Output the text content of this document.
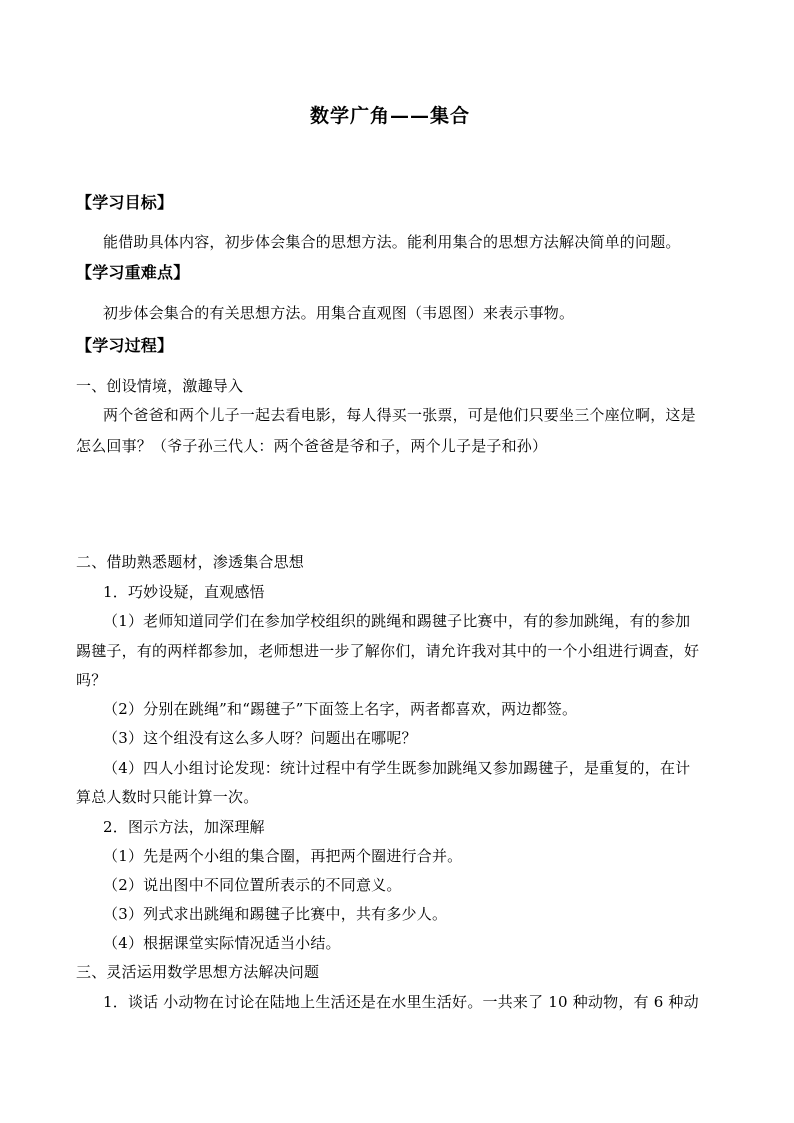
数学广角——集合
【学习目标】
能借助具体内容，初步体会集合的思想方法。能利用集合的思想方法解决简单的问题。
【学习重难点】
初步体会集合的有关思想方法。用集合直观图（韦恩图）来表示事物。
【学习过程】
一、创设情境，激趣导入
两个爸爸和两个儿子一起去看电影，每人得买一张票，可是他们只要坐三个座位啊，这是
怎么回事？（爷子孙三代人：两个爸爸是爷和子，两个儿子是子和孙）
二、借助熟悉题材，渗透集合思想
1．巧妙设疑，直观感悟
（1）老师知道同学们在参加学校组织的跳绳和踢毽子比赛中，有的参加跳绳，有的参加
踢毽子，有的两样都参加，老师想进一步了解你们，请允许我对其中的一个小组进行调查，好
吗？
（2）分别在跳绳”和“踢毽子”下面签上名字，两者都喜欢，两边都签。
（3）这个组没有这么多人呀？问题出在哪呢？
（4）四人小组讨论发现：统计过程中有学生既参加跳绳又参加踢毽子，是重复的，在计
算总人数时只能计算一次。
2．图示方法，加深理解
（1）先是两个小组的集合圈，再把两个圈进行合并。
（2）说出图中不同位置所表示的不同意义。
（3）列式求出跳绳和踢毽子比赛中，共有多少人。
（4）根据课堂实际情况适当小结。
三、灵活运用数学思想方法解决问题
1．谈话 小动物在讨论在陆地上生活还是在水里生活好。一共来了 10 种动物，有 6 种动
